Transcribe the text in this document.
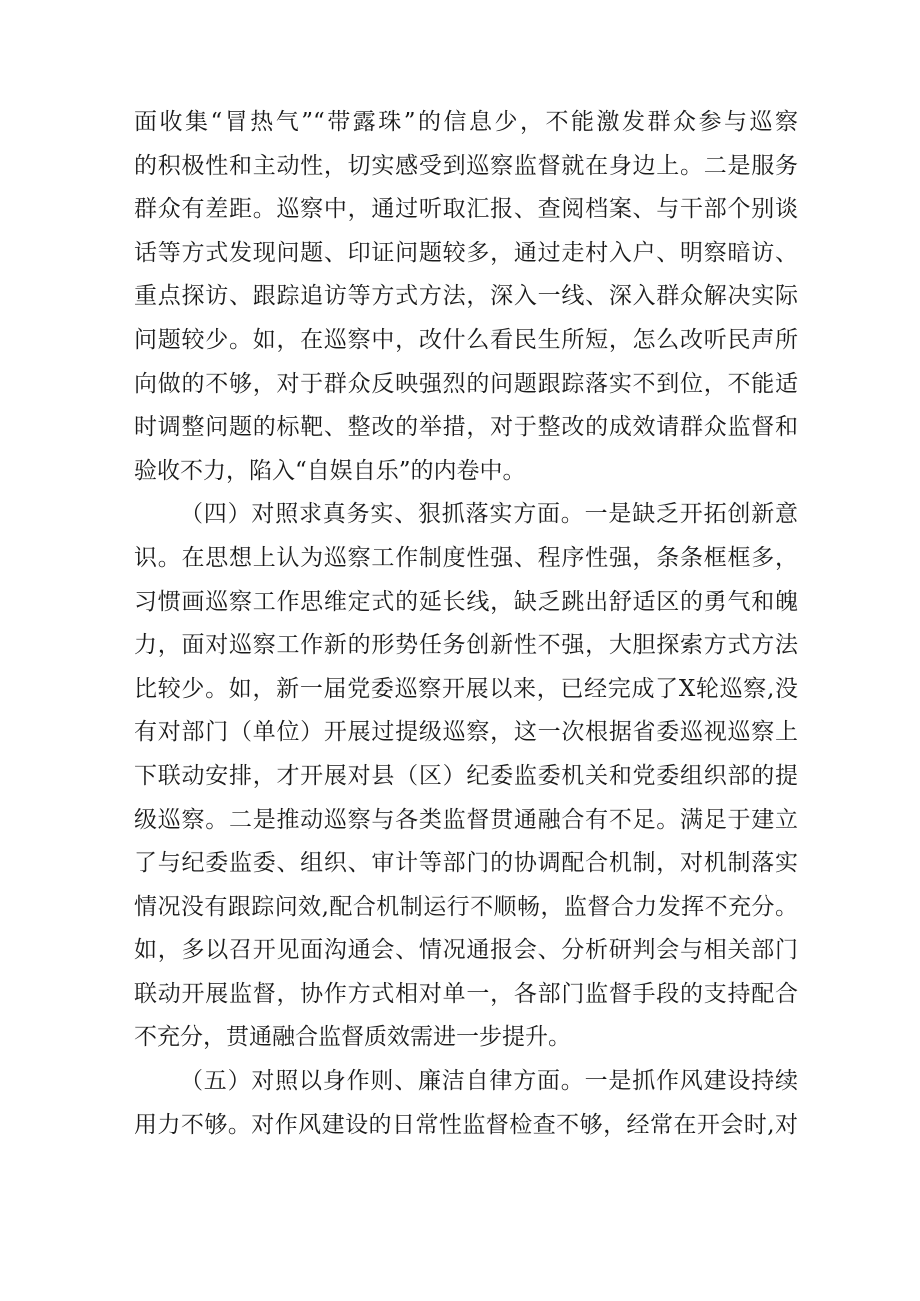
面收集“冒热气”“带露珠”的信息少，不能激发群众参与巡察
的积极性和主动性，切实感受到巡察监督就在身边上。二是服务
群众有差距。巡察中，通过听取汇报、查阅档案、与干部个别谈
话等方式发现问题、印证问题较多，通过走村入户、明察暗访、
重点探访、跟踪追访等方式方法，深入一线、深入群众解决实际
问题较少。如，在巡察中，改什么看民生所短，怎么改听民声所
向做的不够，对于群众反映强烈的问题跟踪落实不到位，不能适
时调整问题的标靶、整改的举措，对于整改的成效请群众监督和
验收不力，陷入“自娱自乐”的内卷中。
（四）对照求真务实、狠抓落实方面。一是缺乏开拓创新意
识。在思想上认为巡察工作制度性强、程序性强，条条框框多，
习惯画巡察工作思维定式的延长线，缺乏跳出舒适区的勇气和魄
力，面对巡察工作新的形势任务创新性不强，大胆探索方式方法
比较少。如，新一届党委巡察开展以来，已经完成了X轮巡察,没
有对部门（单位）开展过提级巡察，这一次根据省委巡视巡察上
下联动安排，才开展对县（区）纪委监委机关和党委组织部的提
级巡察。二是推动巡察与各类监督贯通融合有不足。满足于建立
了与纪委监委、组织、审计等部门的协调配合机制，对机制落实
情况没有跟踪问效,配合机制运行不顺畅，监督合力发挥不充分。
如，多以召开见面沟通会、情况通报会、分析研判会与相关部门
联动开展监督，协作方式相对单一，各部门监督手段的支持配合
不充分，贯通融合监督质效需进一步提升。
（五）对照以身作则、廉洁自律方面。一是抓作风建设持续
用力不够。对作风建设的日常性监督检查不够，经常在开会时,对
